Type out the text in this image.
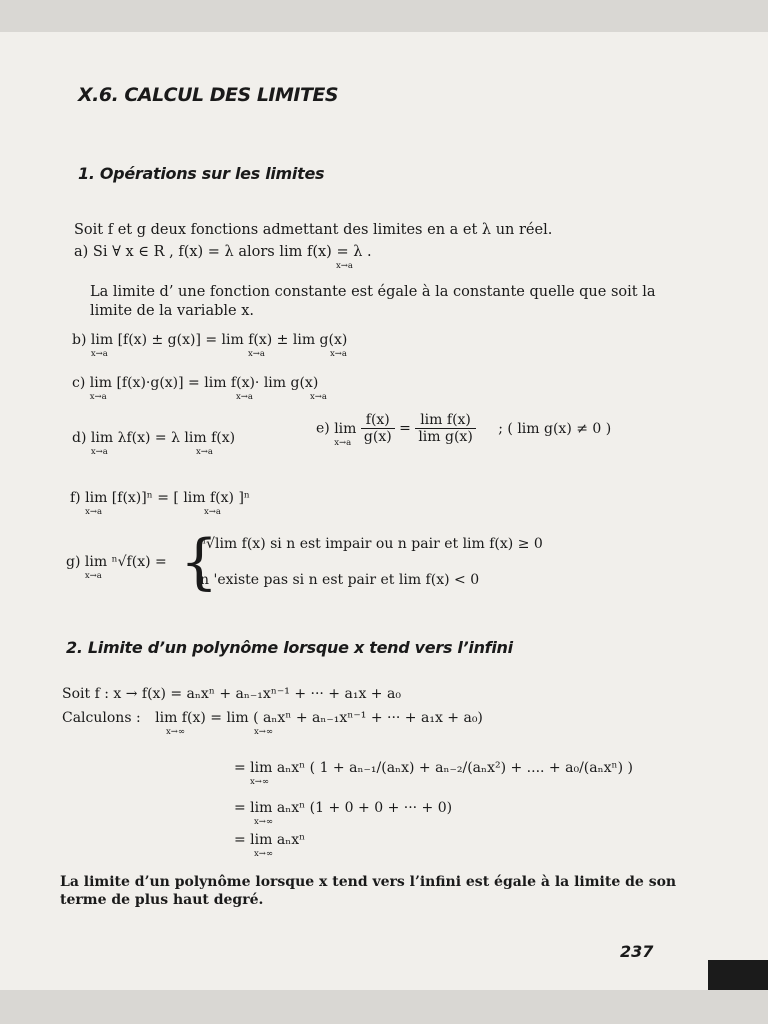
X.6. CALCUL DES LIMITES
1. Opérations sur les limites
Soit f et g deux fonctions admettant des limites en a et λ un réel.
a) Si ∀ x ∈ R , f(x) = λ alors lim f(x) = λ .
x→a
La limite d’ une fonction constante est égale à la constante quelle que soit la
limite de la variable x.
b) lim
x→a
[f(x) ± g(x)] = lim f(x) ± lim g(x)
x→a	x→a
c) lim
x→a
[f(x)·g(x)] = lim f(x)· lim g(x)
x→a	x→a
d) lim
x→a
λf(x) = λ lim f(x)
x→a
e) lim
x→a
$\frac{f(x)}{g(x)} = \frac{\text{lim f(x)}}{\text{lim g(x)}}$ ; ( lim g(x) ≠ 0 )
f) lim
x→a
[f(x)]ⁿ = [ lim f(x) ]ⁿ
x→a
g) lim
x→a
ⁿ√f(x) = {
ⁿ√lim f(x) si n est impair ou n pair et lim f(x) ≥ 0
n 'existe pas si n est pair et lim f(x) < 0
2. Limite d’un polynôme lorsque x tend vers l’infini
Soit f : x → f(x) = aₙxⁿ + aₙ₋₁xⁿ⁻¹ + ··· + a₁x + a₀
Calculons : lim f(x) = lim ( aₙxⁿ + aₙ₋₁xⁿ⁻¹ + ··· + a₁x + a₀)
x→∞	x→∞
= lim aₙxⁿ ( 1 + aₙ₋₁/(aₙx) + aₙ₋₂/(aₙx²) + .... + a₀/(aₙxⁿ) )
x→∞
= lim aₙxⁿ (1 + 0 + 0 + ··· + 0)
x→∞
= lim aₙxⁿ
x→∞
La limite d’un polynôme lorsque x tend vers l’infini est égale à la limite de son
terme de plus haut degré.
237
